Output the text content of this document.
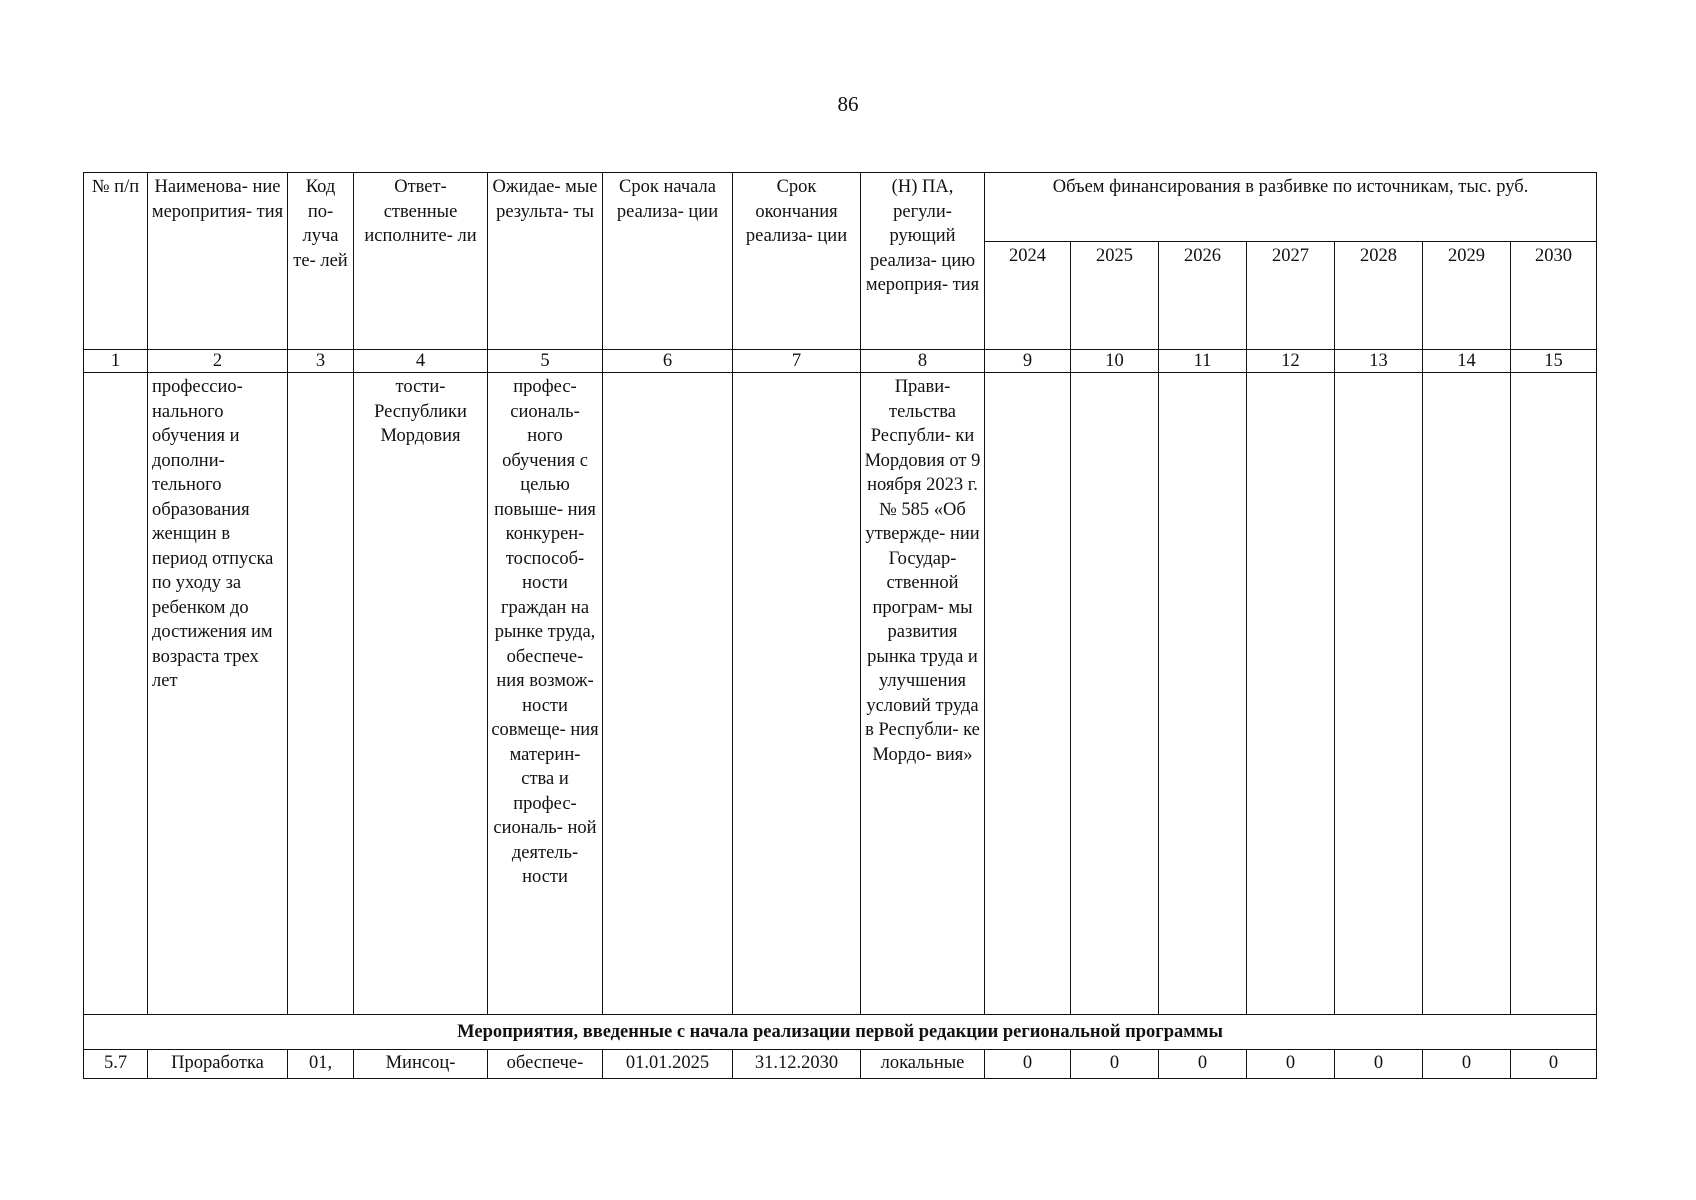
86
№ п/п	Наименова- ние меропрития- тия	Код по- луча те- лей	Ответ- ственные исполните- ли	Ожидае- мые результа- ты	Срок начала реализа- ции	Срок окончания реализа- ции	(Н) ПА, регули- рующий реализа- цию мероприя- тия	Объем финансирования в разбивке по источникам, тыс. руб.						
								2024	2025	2026	2027	2028	2029	2030
1	2	3	4	5	6	7	8	9	10	11	12	13	14	15
	профессио- нального обучения и дополни- тельного образования женщин в период отпуска по уходу за ребенком до достижения им возраста трех лет		тости- Республики Мордовия	профес- сиональ- ного обучения с целью повыше- ния конкурен- тоспособ- ности граждан на рынке труда, обеспече- ния возмож- ности совмеще- ния материн- ства и профес- сиональ- ной деятель- ности			Прави- тельства Республи- ки Мордовия от 9 ноября 2023 г. № 585 «Об утвержде- нии Государ- ственной програм- мы развития рынка труда и улучшения условий труда в Республи- ке Мордо- вия»							
Мероприятия, введенные с начала реализации первой редакции региональной программы														
5.7	Проработка	01,	Минсоц-	обеспече-	01.01.2025	31.12.2030	локальные	0	0	0	0	0	0	0
